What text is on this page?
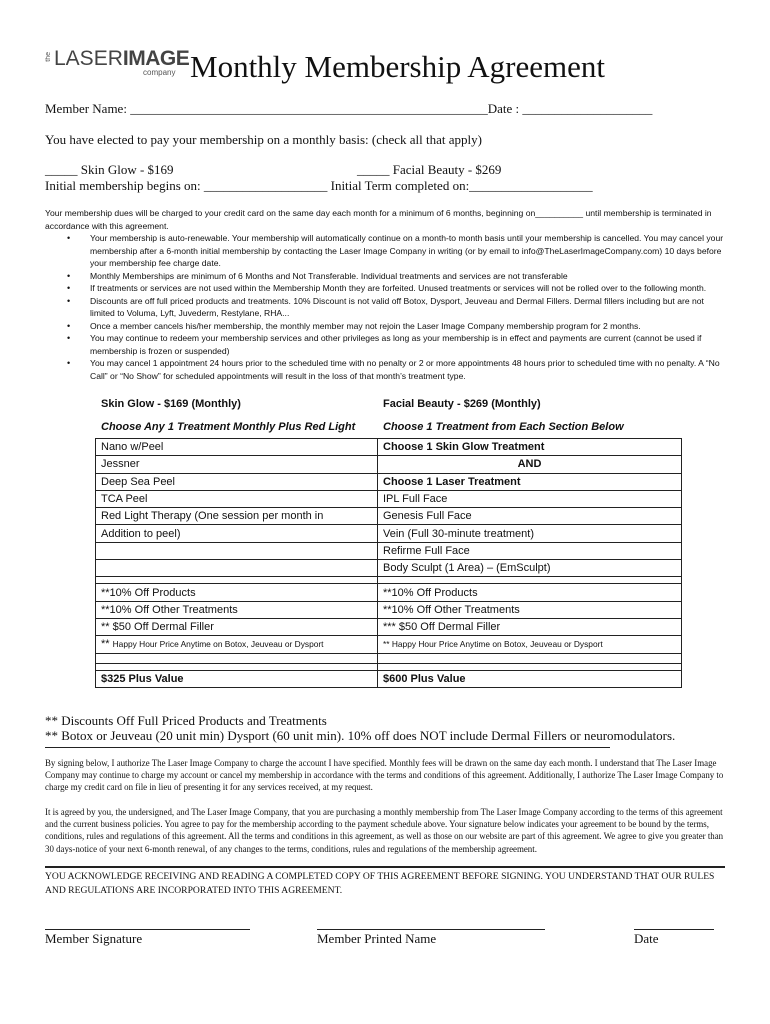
the LASERIMAGE
company Monthly Membership Agreement
Member Name: _______________________________________________________Date : ____________________
You have elected to pay your membership on a monthly basis: (check all that apply)
_____ Skin Glow - $169	_____ Facial Beauty - $269
Initial membership begins on: ___________________ Initial Term completed on:___________________
Your membership dues will be charged to your credit card on the same day each month for a minimum of 6 months, beginning on__________ until membership is terminated in accordance with this agreement.
• Your membership is auto-renewable. Your membership will automatically continue on a month-to month basis until your membership is cancelled. You may cancel your membership after a 6-month initial membership by contacting the Laser Image Company in writing (or by email to info@TheLaserImageCompany.com) 10 days before your membership fee charge date.
• Monthly Memberships are minimum of 6 Months and Not Transferable. Individual treatments and services are not transferable
• If treatments or services are not used within the Membership Month they are forfeited. Unused treatments or services will not be rolled over to the following month.
• Discounts are off full priced products and treatments. 10% Discount is not valid off Botox, Dysport, Jeuveau and Dermal Fillers. Dermal fillers including but are not limited to Voluma, Lyft, Juvederm, Restylane, RHA...
• Once a member cancels his/her membership, the monthly member may not rejoin the Laser Image Company membership program for 2 months.
• You may continue to redeem your membership services and other privileges as long as your membership is in effect and payments are current (cannot be used if membership is frozen or suspended)
• You may cancel 1 appointment 24 hours prior to the scheduled time with no penalty or 2 or more appointments 48 hours prior to scheduled time with no penalty. A “No Call” or “No Show” for scheduled appointments will result in the loss of that month’s treatment type.
Skin Glow - $169 (Monthly)	Facial Beauty - $269 (Monthly)
Choose Any 1 Treatment Monthly Plus Red Light	Choose 1 Treatment from Each Section Below
Nano w/Peel	Choose 1 Skin Glow Treatment
Jessner	AND
Deep Sea Peel	Choose 1 Laser Treatment
TCA Peel	IPL Full Face
Red Light Therapy (One session per month in	Genesis Full Face
Addition to peel)	Vein (Full 30-minute treatment)
	Refirme Full Face
	Body Sculpt (1 Area) – (EmSculpt)

**10% Off Products	**10% Off Products
**10% Off Other Treatments	**10% Off Other Treatments
** $50 Off Dermal Filler	*** $50 Off Dermal Filler
** Happy Hour Price Anytime on Botox, Jeuveau or Dysport	** Happy Hour Price Anytime on Botox, Jeuveau or Dysport

$325 Plus Value	$600 Plus Value
** Discounts Off Full Priced Products and Treatments
** Botox or Jeuveau (20 unit min) Dysport (60 unit min). 10% off does NOT include Dermal Fillers or neuromodulators.
By signing below, I authorize The Laser Image Company to charge the account I have specified. Monthly fees will be drawn on the same day each month. I understand that The Laser Image Company may continue to charge my account or cancel my membership in accordance with the terms and conditions of this agreement. Additionally, I authorize The Laser Image Company to charge my credit card on file in lieu of presenting it for any services received, at my request.
It is agreed by you, the undersigned, and The Laser Image Company, that you are purchasing a monthly membership from The Laser Image Company according to the terms of this agreement and the current business policies. You agree to pay for the membership according to the payment schedule above. Your signature below indicates your agreement to be bound by the terms, conditions, rules and regulations of this agreement. All the terms and conditions in this agreement, as well as those on our website are part of this agreement. We agree to give you greater than 30 days-notice of your next 6-month renewal, of any changes to the terms, conditions, rules and regulations of the membership agreement.
YOU ACKNOWLEDGE RECEIVING AND READING A COMPLETED COPY OF THIS AGREEMENT BEFORE SIGNING. YOU UNDERSTAND THAT OUR RULES AND REGULATIONS ARE INCORPORATED INTO THIS AGREEMENT.
Member Signature	Member Printed Name	Date
